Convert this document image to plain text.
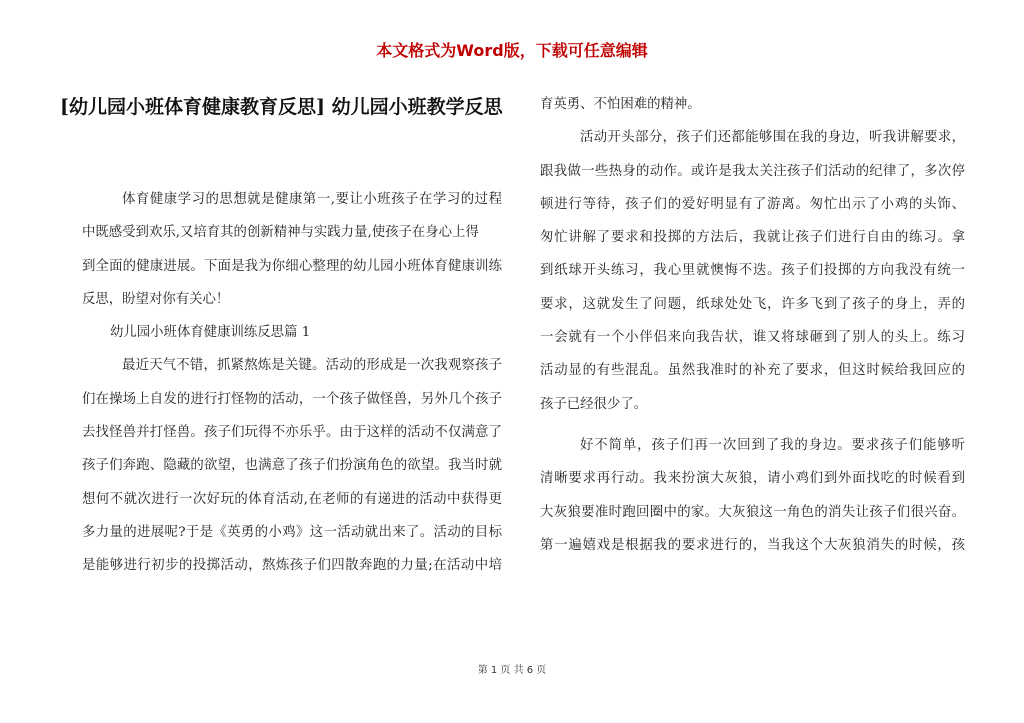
本文格式为Word版，下载可任意编辑
[幼儿园小班体育健康教育反思] 幼儿园小班教学反思
体育健康学习的思想就是健康第一,要让小班孩子在学习的过程
中既感受到欢乐,又培育其的创新精神与实践力量,使孩子在身心上得
到全面的健康进展。下面是我为你细心整理的幼儿园小班体育健康训练
反思，盼望对你有关心！
幼儿园小班体育健康训练反思篇 1
最近天气不错，抓紧熬炼是关键。活动的形成是一次我观察孩子
们在操场上自发的进行打怪物的活动，一个孩子做怪兽，另外几个孩子
去找怪兽并打怪兽。孩子们玩得不亦乐乎。由于这样的活动不仅满意了
孩子们奔跑、隐藏的欲望，也满意了孩子们扮演角色的欲望。我当时就
想何不就次进行一次好玩的体育活动,在老师的有递进的活动中获得更
多力量的进展呢?于是《英勇的小鸡》这一活动就出来了。活动的目标
是能够进行初步的投掷活动，熬炼孩子们四散奔跑的力量;在活动中培
育英勇、不怕困难的精神。
活动开头部分，孩子们还都能够围在我的身边，听我讲解要求，
跟我做一些热身的动作。或许是我太关注孩子们活动的纪律了，多次停
顿进行等待，孩子们的爱好明显有了游离。匆忙出示了小鸡的头饰、
匆忙讲解了要求和投掷的方法后，我就让孩子们进行自由的练习。拿
到纸球开头练习，我心里就懊悔不迭。孩子们投掷的方向我没有统一
要求，这就发生了问题，纸球处处飞，许多飞到了孩子的身上，弄的
一会就有一个小伴侣来向我告状，谁又将球砸到了别人的头上。练习
活动显的有些混乱。虽然我准时的补充了要求，但这时候给我回应的
孩子已经很少了。
好不简单，孩子们再一次回到了我的身边。要求孩子们能够听
清晰要求再行动。我来扮演大灰狼，请小鸡们到外面找吃的时候看到
大灰狼要准时跑回圈中的家。大灰狼这一角色的消失让孩子们很兴奋。
第一遍嬉戏是根据我的要求进行的，当我这个大灰狼消失的时候，孩
第 1 页 共 6 页
